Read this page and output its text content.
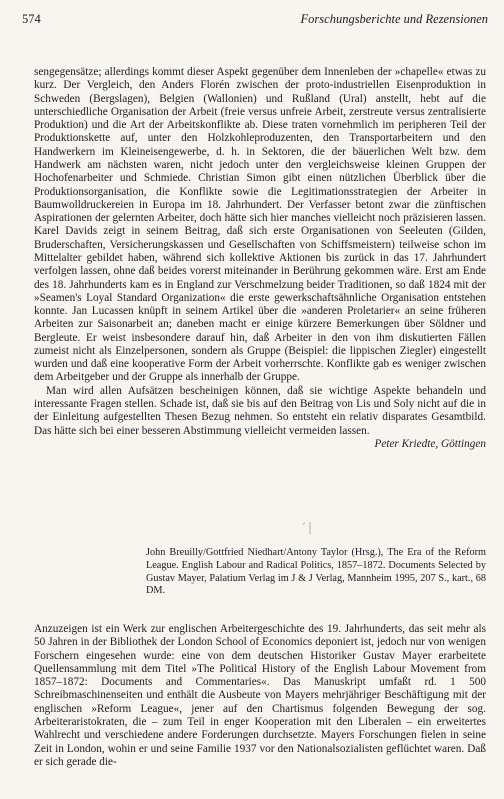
574	Forschungsberichte und Rezensionen

sengegensätze; allerdings kommt dieser Aspekt gegenüber dem Innenleben der »chapelle« etwas zu kurz. Der Vergleich, den Anders Florén zwischen der proto-industriellen Eisenproduktion in Schweden (Bergslagen), Belgien (Wallonien) und Rußland (Ural) anstellt, hebt auf die unterschiedliche Organisation der Arbeit (freie versus unfreie Arbeit, zerstreute versus zentralisierte Produktion) und die Art der Arbeitskonflikte ab. Diese traten vornehmlich im peripheren Teil der Produktionskette auf, unter den Holzkohleproduzenten, den Transportarbeitern und den Handwerkern im Kleineisengewerbe, d. h. in Sektoren, die der bäuerlichen Welt bzw. dem Handwerk am nächsten waren, nicht jedoch unter den vergleichsweise kleinen Gruppen der Hochofenarbeiter und Schmiede. Christian Simon gibt einen nützlichen Überblick über die Produktionsorganisation, die Konflikte sowie die Legitimationsstrategien der Arbeiter in Baumwolldruckereien in Europa im 18. Jahrhundert. Der Verfasser betont zwar die zünftischen Aspirationen der gelernten Arbeiter, doch hätte sich hier manches vielleicht noch präzisieren lassen. Karel Davids zeigt in seinem Beitrag, daß sich erste Organisationen von Seeleuten (Gilden, Bruderschaften, Versicherungskassen und Gesellschaften von Schiffsmeistern) teilweise schon im Mittelalter gebildet haben, während sich kollektive Aktionen bis zurück in das 17. Jahrhundert verfolgen lassen, ohne daß beides vorerst miteinander in Berührung gekommen wäre. Erst am Ende des 18. Jahrhunderts kam es in England zur Verschmelzung beider Traditionen, so daß 1824 mit der »Seamen's Loyal Standard Organization« die erste gewerkschaftsähnliche Organisation entstehen konnte. Jan Lucassen knüpft in seinem Artikel über die »anderen Proletarier« an seine früheren Arbeiten zur Saisonarbeit an; daneben macht er einige kürzere Bemerkungen über Söldner und Bergleute. Er weist insbesondere darauf hin, daß Arbeiter in den von ihm diskutierten Fällen zumeist nicht als Einzelpersonen, sondern als Gruppe (Beispiel: die lippischen Ziegler) eingestellt wurden und daß eine kooperative Form der Arbeit vorherrschte. Konflikte gab es weniger zwischen dem Arbeitgeber und der Gruppe als innerhalb der Gruppe.

Man wird allen Aufsätzen bescheinigen können, daß sie wichtige Aspekte behandeln und interessante Fragen stellen. Schade ist, daß sie bis auf den Beitrag von Lis und Soly nicht auf die in der Einleitung aufgestellten Thesen Bezug nehmen. So entsteht ein relativ disparates Gesamtbild. Das hätte sich bei einer besseren Abstimmung vielleicht vermeiden lassen.

Peter Kriedte, Göttingen

John Breuilly/Gottfried Niedhart/Antony Taylor (Hrsg.), The Era of the Reform League. English Labour and Radical Politics, 1857–1872. Documents Selected by Gustav Mayer, Palatium Verlag im J & J Verlag, Mannheim 1995, 207 S., kart., 68 DM.

Anzuzeigen ist ein Werk zur englischen Arbeitergeschichte des 19. Jahrhunderts, das seit mehr als 50 Jahren in der Bibliothek der London School of Economics deponiert ist, jedoch nur von wenigen Forschern eingesehen wurde: eine von dem deutschen Historiker Gustav Mayer erarbeitete Quellensammlung mit dem Titel »The Political History of the English Labour Movement from 1857–1872: Documents and Commentaries«. Das Manuskript umfaßt rd. 1 500 Schreibmaschinenseiten und enthält die Ausbeute von Mayers mehrjähriger Beschäftigung mit der englischen »Reform League«, jener auf den Chartismus folgenden Bewegung der sog. Arbeiteraristokraten, die – zum Teil in enger Kooperation mit den Liberalen – ein erweitertes Wahlrecht und verschiedene andere Forderungen durchsetzte. Mayers Forschungen fielen in seine Zeit in London, wohin er und seine Familie 1937 vor den Nationalsozialisten geflüchtet waren. Daß er sich gerade die-
